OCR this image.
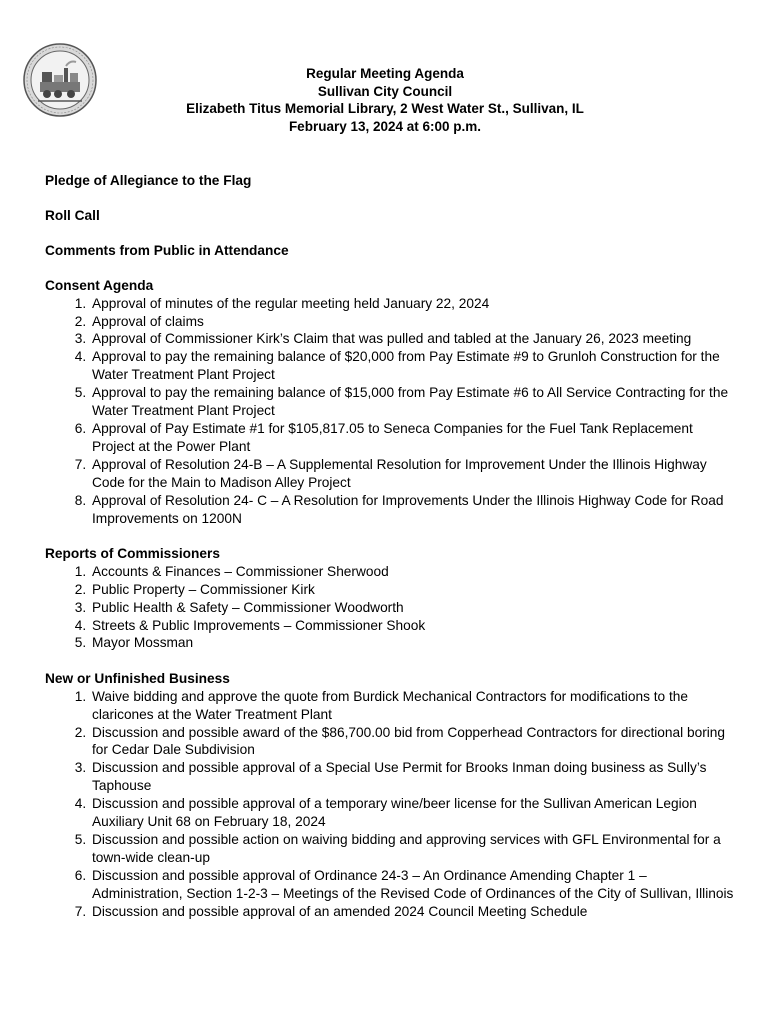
Regular Meeting Agenda
Sullivan City Council
Elizabeth Titus Memorial Library, 2 West Water St., Sullivan, IL
February 13, 2024 at 6:00 p.m.
Pledge of Allegiance to the Flag
Roll Call
Comments from Public in Attendance
Consent Agenda
1. Approval of minutes of the regular meeting held January 22, 2024
2. Approval of claims
3. Approval of Commissioner Kirk’s Claim that was pulled and tabled at the January 26, 2023 meeting
4. Approval to pay the remaining balance of $20,000 from Pay Estimate #9 to Grunloh Construction for the Water Treatment Plant Project
5. Approval to pay the remaining balance of $15,000 from Pay Estimate #6 to All Service Contracting for the Water Treatment Plant Project
6. Approval of Pay Estimate #1 for $105,817.05 to Seneca Companies for the Fuel Tank Replacement Project at the Power Plant
7. Approval of Resolution 24-B – A Supplemental Resolution for Improvement Under the Illinois Highway Code for the Main to Madison Alley Project
8. Approval of Resolution 24- C – A Resolution for Improvements Under the Illinois Highway Code for Road Improvements on 1200N
Reports of Commissioners
1. Accounts & Finances – Commissioner Sherwood
2. Public Property – Commissioner Kirk
3. Public Health & Safety – Commissioner Woodworth
4. Streets & Public Improvements – Commissioner Shook
5. Mayor Mossman
New or Unfinished Business
1. Waive bidding and approve the quote from Burdick Mechanical Contractors for modifications to the claricones at the Water Treatment Plant
2. Discussion and possible award of the $86,700.00 bid from Copperhead Contractors for directional boring for Cedar Dale Subdivision
3. Discussion and possible approval of a Special Use Permit for Brooks Inman doing business as Sully’s Taphouse
4. Discussion and possible approval of a temporary wine/beer license for the Sullivan American Legion Auxiliary Unit 68 on February 18, 2024
5. Discussion and possible action on waiving bidding and approving services with GFL Environmental for a town-wide clean-up
6. Discussion and possible approval of Ordinance 24-3 – An Ordinance Amending Chapter 1 – Administration, Section 1-2-3 – Meetings of the Revised Code of Ordinances of the City of Sullivan, Illinois
7. Discussion and possible approval of an amended 2024 Council Meeting Schedule
